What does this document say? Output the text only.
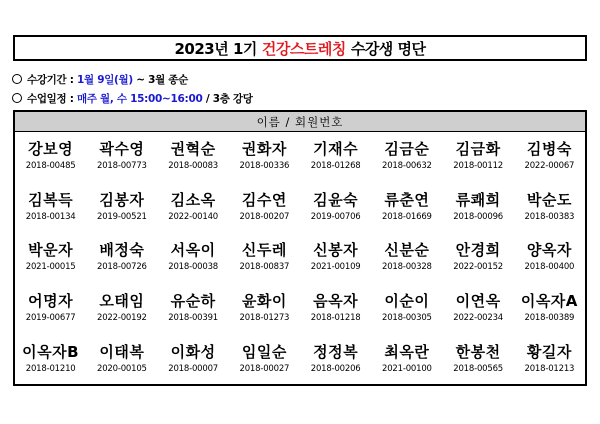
2023년 1기 건강스트레칭 수강생 명단
수강기간 : 1월 9일(월) ~ 3월 종순
수업일정 : 매주 월, 수 15:00~16:00 / 3층 강당
이름 / 회원번호
강보영
2018-00485
곽수영
2018-00773
권혁순
2018-00083
권화자
2018-00336
기재수
2018-01268
김금순
2018-00632
김금화
2018-00112
김병숙
2022-00067
김복득
2018-00134
김봉자
2019-00521
김소옥
2022-00140
김수연
2018-00207
김윤숙
2019-00706
류춘연
2018-01669
류쾌희
2018-00096
박순도
2018-00383
박운자
2021-00015
배정숙
2018-00726
서옥이
2018-00038
신두레
2018-00837
신봉자
2021-00109
신분순
2018-00328
안경희
2022-00152
양옥자
2018-00400
어명자
2019-00677
오태임
2022-00192
유순하
2018-00391
윤화이
2018-01273
음옥자
2018-01218
이순이
2018-00305
이연옥
2022-00234
이옥자A
2018-00389
이옥자B
2018-01210
이태복
2020-00105
이화성
2018-00007
임일순
2018-00027
정정복
2018-00206
최옥란
2021-00100
한봉천
2018-00565
황길자
2018-01213
